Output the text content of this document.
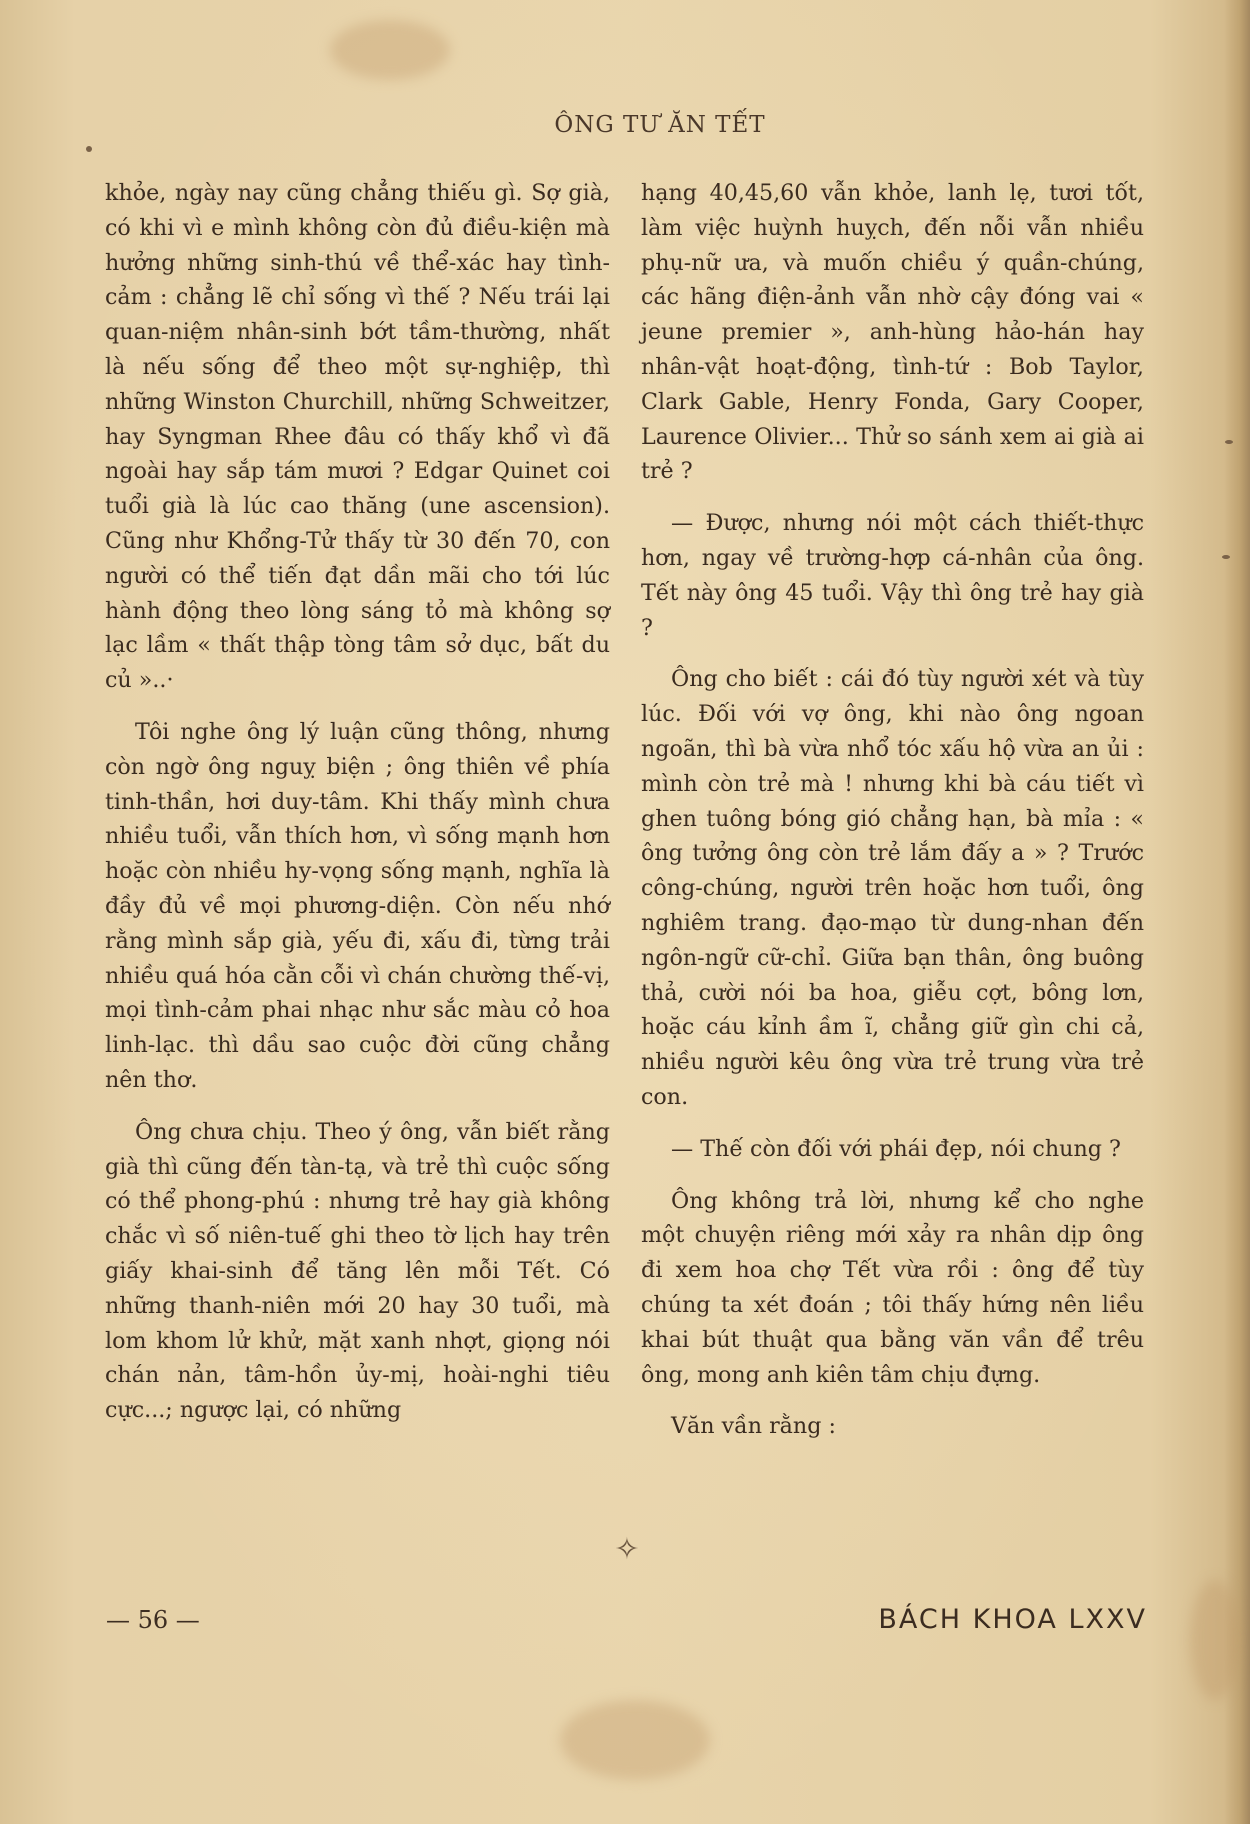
ÔNG TƯ ĂN TẾT

khỏe, ngày nay cũng chẳng thiếu gì. Sợ già, có khi vì e mình không còn đủ điều-kiện mà hưởng những sinh-thú về thể-xác hay tình-cảm : chẳng lẽ chỉ sống vì thế ? Nếu trái lại quan-niệm nhân-sinh bớt tầm-thường, nhất là nếu sống để theo một sự-nghiệp, thì những Winston Churchill, những Schweitzer, hay Syngman Rhee đâu có thấy khổ vì đã ngoài hay sắp tám mươi ? Edgar Quinet coi tuổi già là lúc cao thăng (une ascension). Cũng như Khổng-Tử thấy từ 30 đến 70, con người có thể tiến đạt dần mãi cho tới lúc hành động theo lòng sáng tỏ mà không sợ lạc lầm « thất thập tòng tâm sở dục, bất du củ »..·

Tôi nghe ông lý luận cũng thông, nhưng còn ngờ ông nguỵ biện ; ông thiên về phía tinh-thần, hơi duy-tâm. Khi thấy mình chưa nhiều tuổi, vẫn thích hơn, vì sống mạnh hơn hoặc còn nhiều hy-vọng sống mạnh, nghĩa là đầy đủ về mọi phương-diện. Còn nếu nhớ rằng mình sắp già, yếu đi, xấu đi, từng trải nhiều quá hóa cằn cỗi vì chán chường thế-vị, mọi tình-cảm phai nhạc như sắc màu cỏ hoa linh-lạc. thì dầu sao cuộc đời cũng chẳng nên thơ.

Ông chưa chịu. Theo ý ông, vẫn biết rằng già thì cũng đến tàn-tạ, và trẻ thì cuộc sống có thể phong-phú : nhưng trẻ hay già không chắc vì số niên-tuế ghi theo tờ lịch hay trên giấy khai-sinh để tăng lên mỗi Tết. Có những thanh-niên mới 20 hay 30 tuổi, mà lom khom lử khử, mặt xanh nhợt, giọng nói chán nản, tâm-hồn ủy-mị, hoài-nghi tiêu cực...; ngược lại, có những

hạng 40,45,60 vẫn khỏe, lanh lẹ, tươi tốt, làm việc huỳnh huỵch, đến nỗi vẫn nhiều phụ-nữ ưa, và muốn chiều ý quần-chúng, các hãng điện-ảnh vẫn nhờ cậy đóng vai « jeune premier », anh-hùng hảo-hán hay nhân-vật hoạt-động, tình-tứ : Bob Taylor, Clark Gable, Henry Fonda, Gary Cooper, Laurence Olivier... Thử so sánh xem ai già ai trẻ ?

— Được, nhưng nói một cách thiết-thực hơn, ngay về trường-hợp cá-nhân của ông. Tết này ông 45 tuổi. Vậy thì ông trẻ hay già ?

Ông cho biết : cái đó tùy người xét và tùy lúc. Đối với vợ ông, khi nào ông ngoan ngoãn, thì bà vừa nhổ tóc xấu hộ vừa an ủi : mình còn trẻ mà ! nhưng khi bà cáu tiết vì ghen tuông bóng gió chẳng hạn, bà mỉa : « ông tưởng ông còn trẻ lắm đấy a » ? Trước công-chúng, người trên hoặc hơn tuổi, ông nghiêm trang. đạo-mạo từ dung-nhan đến ngôn-ngữ cữ-chỉ. Giữa bạn thân, ông buông thả, cười nói ba hoa, giễu cợt, bông lơn, hoặc cáu kỉnh ầm ĩ, chẳng giữ gìn chi cả, nhiều người kêu ông vừa trẻ trung vừa trẻ con.

— Thế còn đối với phái đẹp, nói chung ?

Ông không trả lời, nhưng kể cho nghe một chuyện riêng mới xảy ra nhân dịp ông đi xem hoa chợ Tết vừa rồi : ông để tùy chúng ta xét đoán ; tôi thấy hứng nên liều khai bút thuật qua bằng văn vần để trêu ông, mong anh kiên tâm chịu đựng.

Văn vần rằng :

✧
— 56 —	BÁCH KHOA LXXV
